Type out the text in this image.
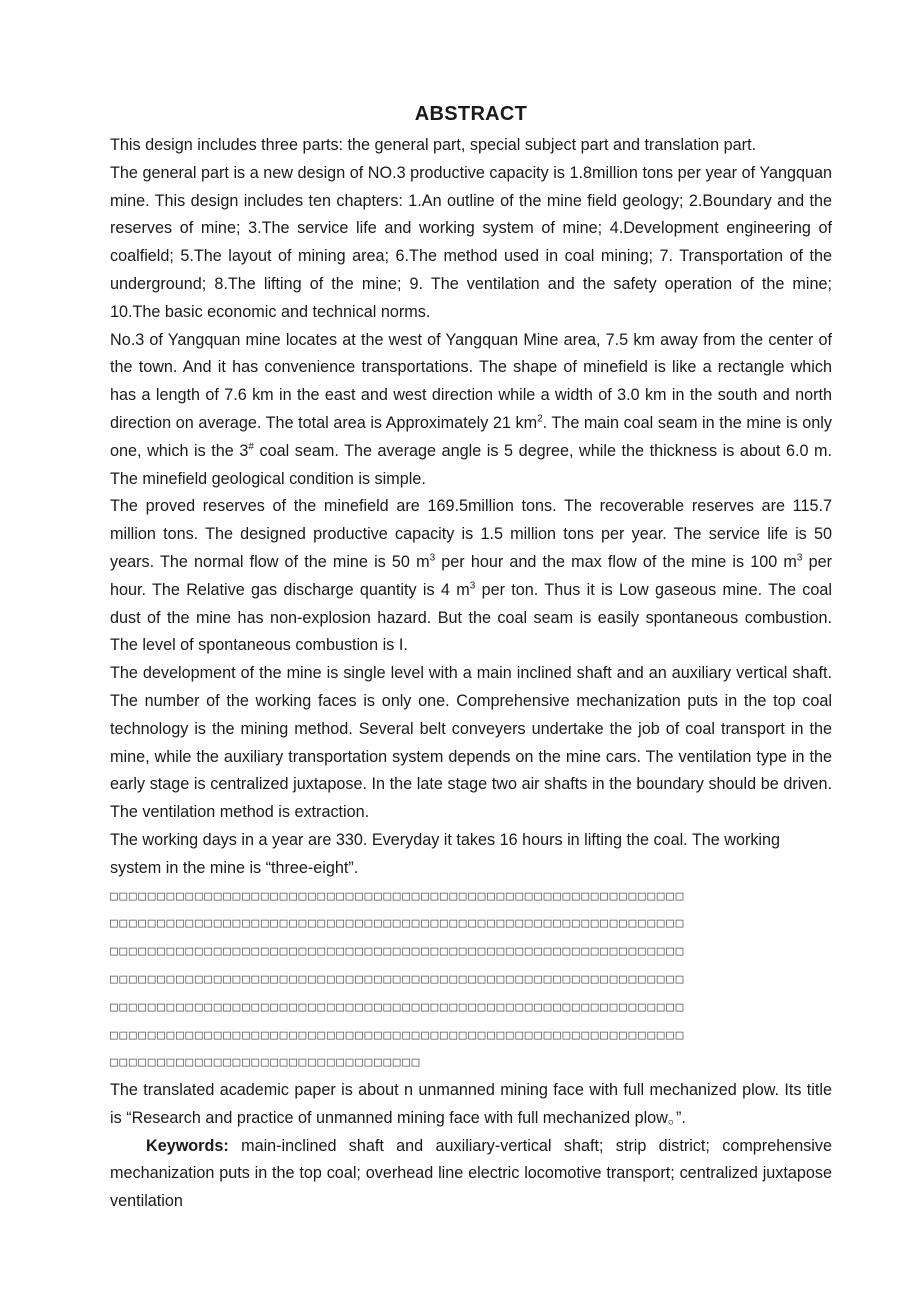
ABSTRACT

This design includes three parts: the general part, special subject part and translation part.

The general part is a new design of NO.3 productive capacity is 1.8million tons per year of Yangquan mine. This design includes ten chapters: 1.An outline of the mine field geology; 2.Boundary and the reserves of mine; 3.The service life and working system of mine; 4.Development engineering of coalfield; 5.The layout of mining area; 6.The method used in coal mining; 7. Transportation of the underground; 8.The lifting of the mine; 9. The ventilation and the safety operation of the mine; 10.The basic economic and technical norms.

No.3 of Yangquan mine locates at the west of Yangquan Mine area, 7.5 km away from the center of the town. And it has convenience transportations. The shape of minefield is like a rectangle which has a length of 7.6 km in the east and west direction while a width of 3.0 km in the south and north direction on average. The total area is Approximately 21 $km^2$. The main coal seam in the mine is only one, which is the 3# coal seam. The average angle is 5 degree, while the thickness is about 6.0 m. The minefield geological condition is simple.

The proved reserves of the minefield are 169.5million tons. The recoverable reserves are 115.7 million tons. The designed productive capacity is 1.5 million tons per year. The service life is 50 years. The normal flow of the mine is 50 $m^3$ per hour and the max flow of the mine is 100 $m^3$ per hour. The Relative gas discharge quantity is 4 $m^3$ per ton. Thus it is Low gaseous mine. The coal dust of the mine has non-explosion hazard. But the coal seam is easily spontaneous combustion. The level of spontaneous combustion is I.

The development of the mine is single level with a main inclined shaft and an auxiliary vertical shaft. The number of the working faces is only one. Comprehensive mechanization puts in the top coal technology is the mining method. Several belt conveyers undertake the job of coal transport in the mine, while the auxiliary transportation system depends on the mine cars. The ventilation type in the early stage is centralized juxtapose. In the late stage two air shafts in the boundary should be driven. The ventilation method is extraction.

The working days in a year are 330. Everyday it takes 16 hours in lifting the coal. The working system in the mine is “three-eight”.

□□□□□□□□□□□□□□□□□□□□□□□□□□□□□□□□□□□□□□□□□□□□□□□□□□□□□□□□□□□□□

□□□□□□□□□□□□□□□□□□□□□□□□□□□□□□□□□□□□□□□□□□□□□□□□□□□□□□□□□□□□□

□□□□□□□□□□□□□□□□□□□□□□□□□□□□□□□□□□□□□□□□□□□□□□□□□□□□□□□□□□□□□

□□□□□□□□□□□□□□□□□□□□□□□□□□□□□□□□□□□□□□□□□□□□□□□□□□□□□□□□□□□□□

□□□□□□□□□□□□□□□□□□□□□□□□□□□□□□□□□□□□□□□□□□□□□□□□□□□□□□□□□□□□□

□□□□□□□□□□□□□□□□□□□□□□□□□□□□□□□□□□□□□□□□□□□□□□□□□□□□□□□□□□□□□

□□□□□□□□□□□□□□□□□□□□□□□□□□□□□□□□□

The translated academic paper is about n unmanned mining face with full mechanized plow. Its title is “Research and practice of unmanned mining face with full mechanized plow。”.

Keywords: main-inclined shaft and auxiliary-vertical shaft; strip district; comprehensive mechanization puts in the top coal; overhead line electric locomotive transport; centralized juxtapose ventilation
